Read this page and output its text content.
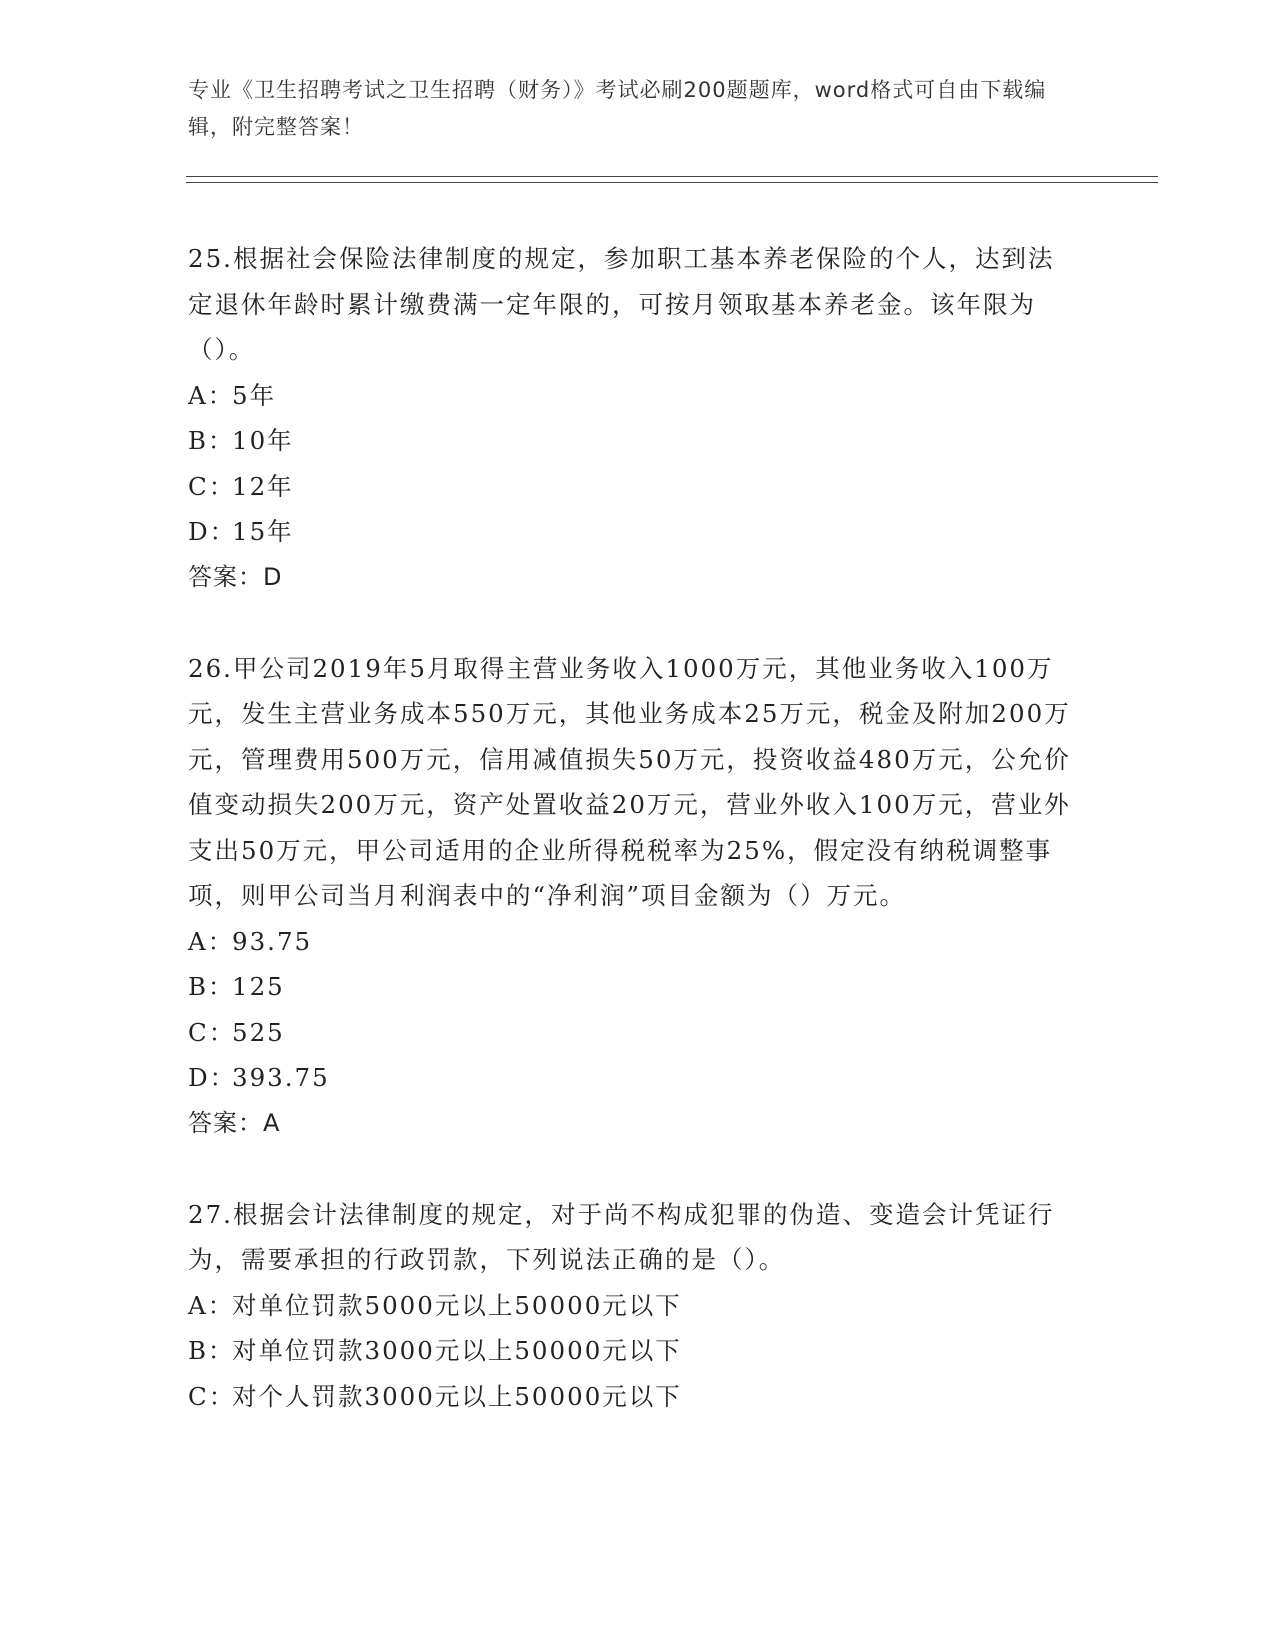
专业《卫生招聘考试之卫生招聘（财务）》考试必刷200题题库，word格式可自由下载编辑，附完整答案！
25.根据社会保险法律制度的规定，参加职工基本养老保险的个人，达到法定退休年龄时累计缴费满一定年限的，可按月领取基本养老金。该年限为（）。
A：5年
B：10年
C：12年
D：15年
答案：D
26.甲公司2019年5月取得主营业务收入1000万元，其他业务收入100万元，发生主营业务成本550万元，其他业务成本25万元，税金及附加200万元，管理费用500万元，信用减值损失50万元，投资收益480万元，公允价值变动损失200万元，资产处置收益20万元，营业外收入100万元，营业外支出50万元，甲公司适用的企业所得税税率为25%，假定没有纳税调整事项，则甲公司当月利润表中的“净利润”项目金额为（）万元。
A：93.75
B：125
C：525
D：393.75
答案：A
27.根据会计法律制度的规定，对于尚不构成犯罪的伪造、变造会计凭证行为，需要承担的行政罚款，下列说法正确的是（）。
A：对单位罚款5000元以上50000元以下
B：对单位罚款3000元以上50000元以下
C：对个人罚款3000元以上50000元以下
